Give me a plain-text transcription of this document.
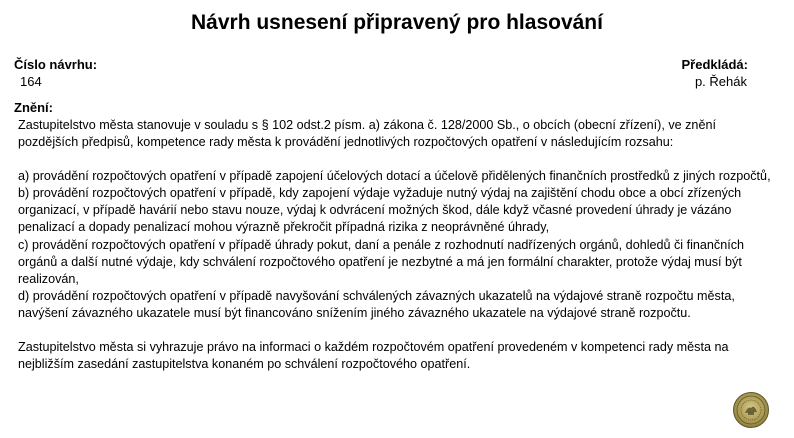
Návrh usnesení připravený pro hlasování
Číslo návrhu:
164
Předkládá:
p. Řehák
Znění:

Zastupitelstvo města stanovuje v souladu s § 102 odst.2 písm. a) zákona č. 128/2000 Sb., o obcích (obecní zřízení), ve znění pozdějších předpisů, kompetence rady města k provádění jednotlivých rozpočtových opatření v následujícím rozsahu:

a) provádění rozpočtových opatření v případě zapojení účelových dotací a účelově přidělených finančních prostředků z jiných rozpočtů,

b) provádění rozpočtových opatření v případě, kdy zapojení výdaje vyžaduje nutný výdaj na zajištění chodu obce a obcí zřízených organizací, v případě havárií nebo stavu nouze, výdaj k odvrácení možných škod, dále když včasné provedení úhrady je vázáno penalizací a dopady penalizací mohou výrazně překročit případná rizika z neoprávněné úhrady,

c) provádění rozpočtových opatření v případě úhrady pokut, daní a penále z rozhodnutí nadřízených orgánů, dohledů či finančních orgánů a další nutné výdaje, kdy schválení rozpočtového opatření je nezbytné a má jen formální charakter, protože výdaj musí být realizován,

d) provádění rozpočtových opatření v případě navyšování schválených závazných ukazatelů na výdajové straně rozpočtu města, navýšení závazného ukazatele musí být financováno snížením jiného závazného ukazatele na výdajové straně rozpočtu.

Zastupitelstvo města si vyhrazuje právo na informaci o každém rozpočtovém opatření provedeném v kompetenci rady města na nejbližším zasedání zastupitelstva konaném po schválení rozpočtového opatření.
